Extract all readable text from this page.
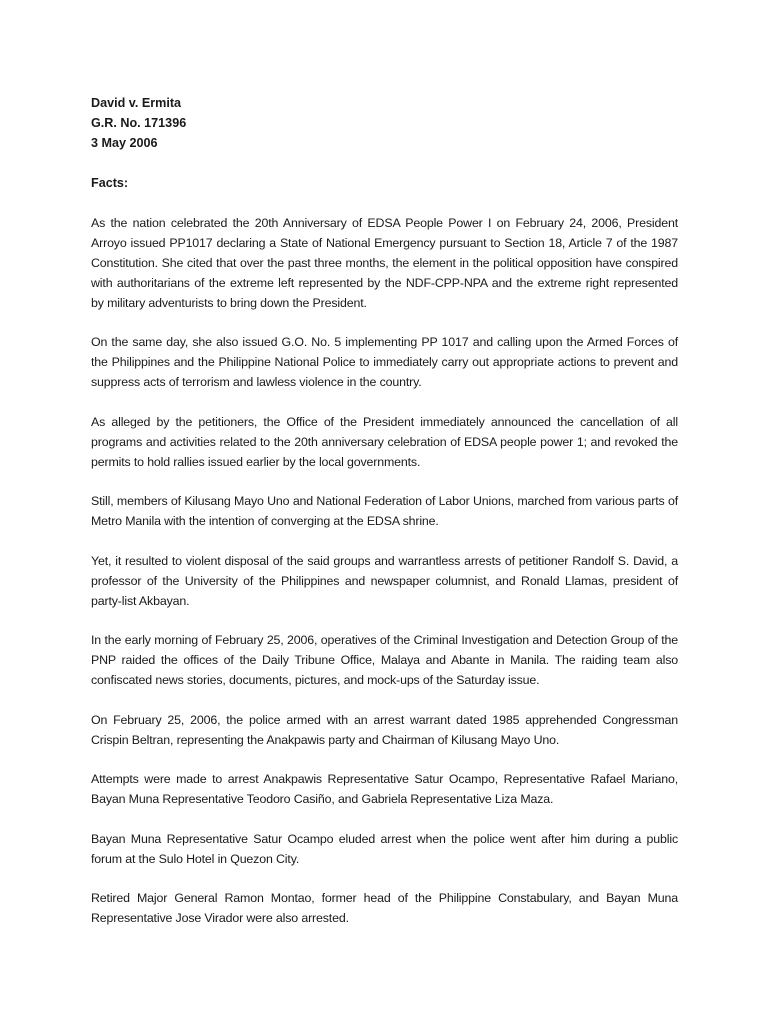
David v. Ermita

G.R. No. 171396

3 May 2006

Facts:

As the nation celebrated the 20th Anniversary of EDSA People Power I on February 24, 2006, President Arroyo issued PP1017 declaring a State of National Emergency pursuant to Section 18, Article 7 of the 1987 Constitution. She cited that over the past three months, the element in the political opposition have conspired with authoritarians of the extreme left represented by the NDF-CPP-NPA and the extreme right represented by military adventurists to bring down the President.

On the same day, she also issued G.O. No. 5 implementing PP 1017 and calling upon the Armed Forces of the Philippines and the Philippine National Police to immediately carry out appropriate actions to prevent and suppress acts of terrorism and lawless violence in the country.

As alleged by the petitioners, the Office of the President immediately announced the cancellation of all programs and activities related to the 20th anniversary celebration of EDSA people power 1; and revoked the permits to hold rallies issued earlier by the local governments.

Still, members of Kilusang Mayo Uno and National Federation of Labor Unions, marched from various parts of Metro Manila with the intention of converging at the EDSA shrine.

Yet, it resulted to violent disposal of the said groups and warrantless arrests of petitioner Randolf S. David, a professor of the University of the Philippines and newspaper columnist, and Ronald Llamas, president of party-list Akbayan.

In the early morning of February 25, 2006, operatives of the Criminal Investigation and Detection Group of the PNP raided the offices of the Daily Tribune Office, Malaya and Abante in Manila. The raiding team also confiscated news stories, documents, pictures, and mock-ups of the Saturday issue.

On February 25, 2006, the police armed with an arrest warrant dated 1985 apprehended Congressman Crispin Beltran, representing the Anakpawis party and Chairman of Kilusang Mayo Uno.

Attempts were made to arrest Anakpawis Representative Satur Ocampo, Representative Rafael Mariano, Bayan Muna Representative Teodoro Casiño, and Gabriela Representative Liza Maza.

Bayan Muna Representative Satur Ocampo eluded arrest when the police went after him during a public forum at the Sulo Hotel in Quezon City.

Retired Major General Ramon Montao, former head of the Philippine Constabulary, and Bayan Muna Representative Jose Virador were also arrested.
